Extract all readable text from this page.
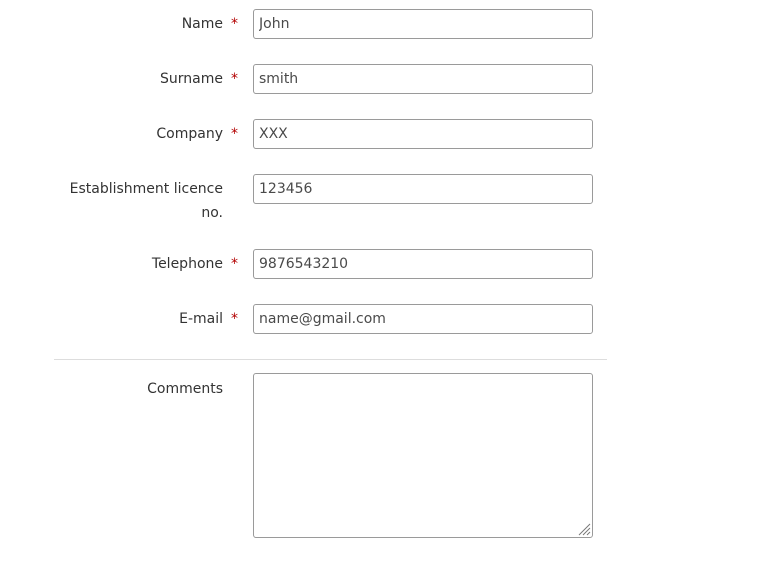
Name *
John
Surname *
smith
Company *
XXX
Establishment licence
no.
123456
Telephone *
9876543210
E-mail *
name@gmail.com
Comments
